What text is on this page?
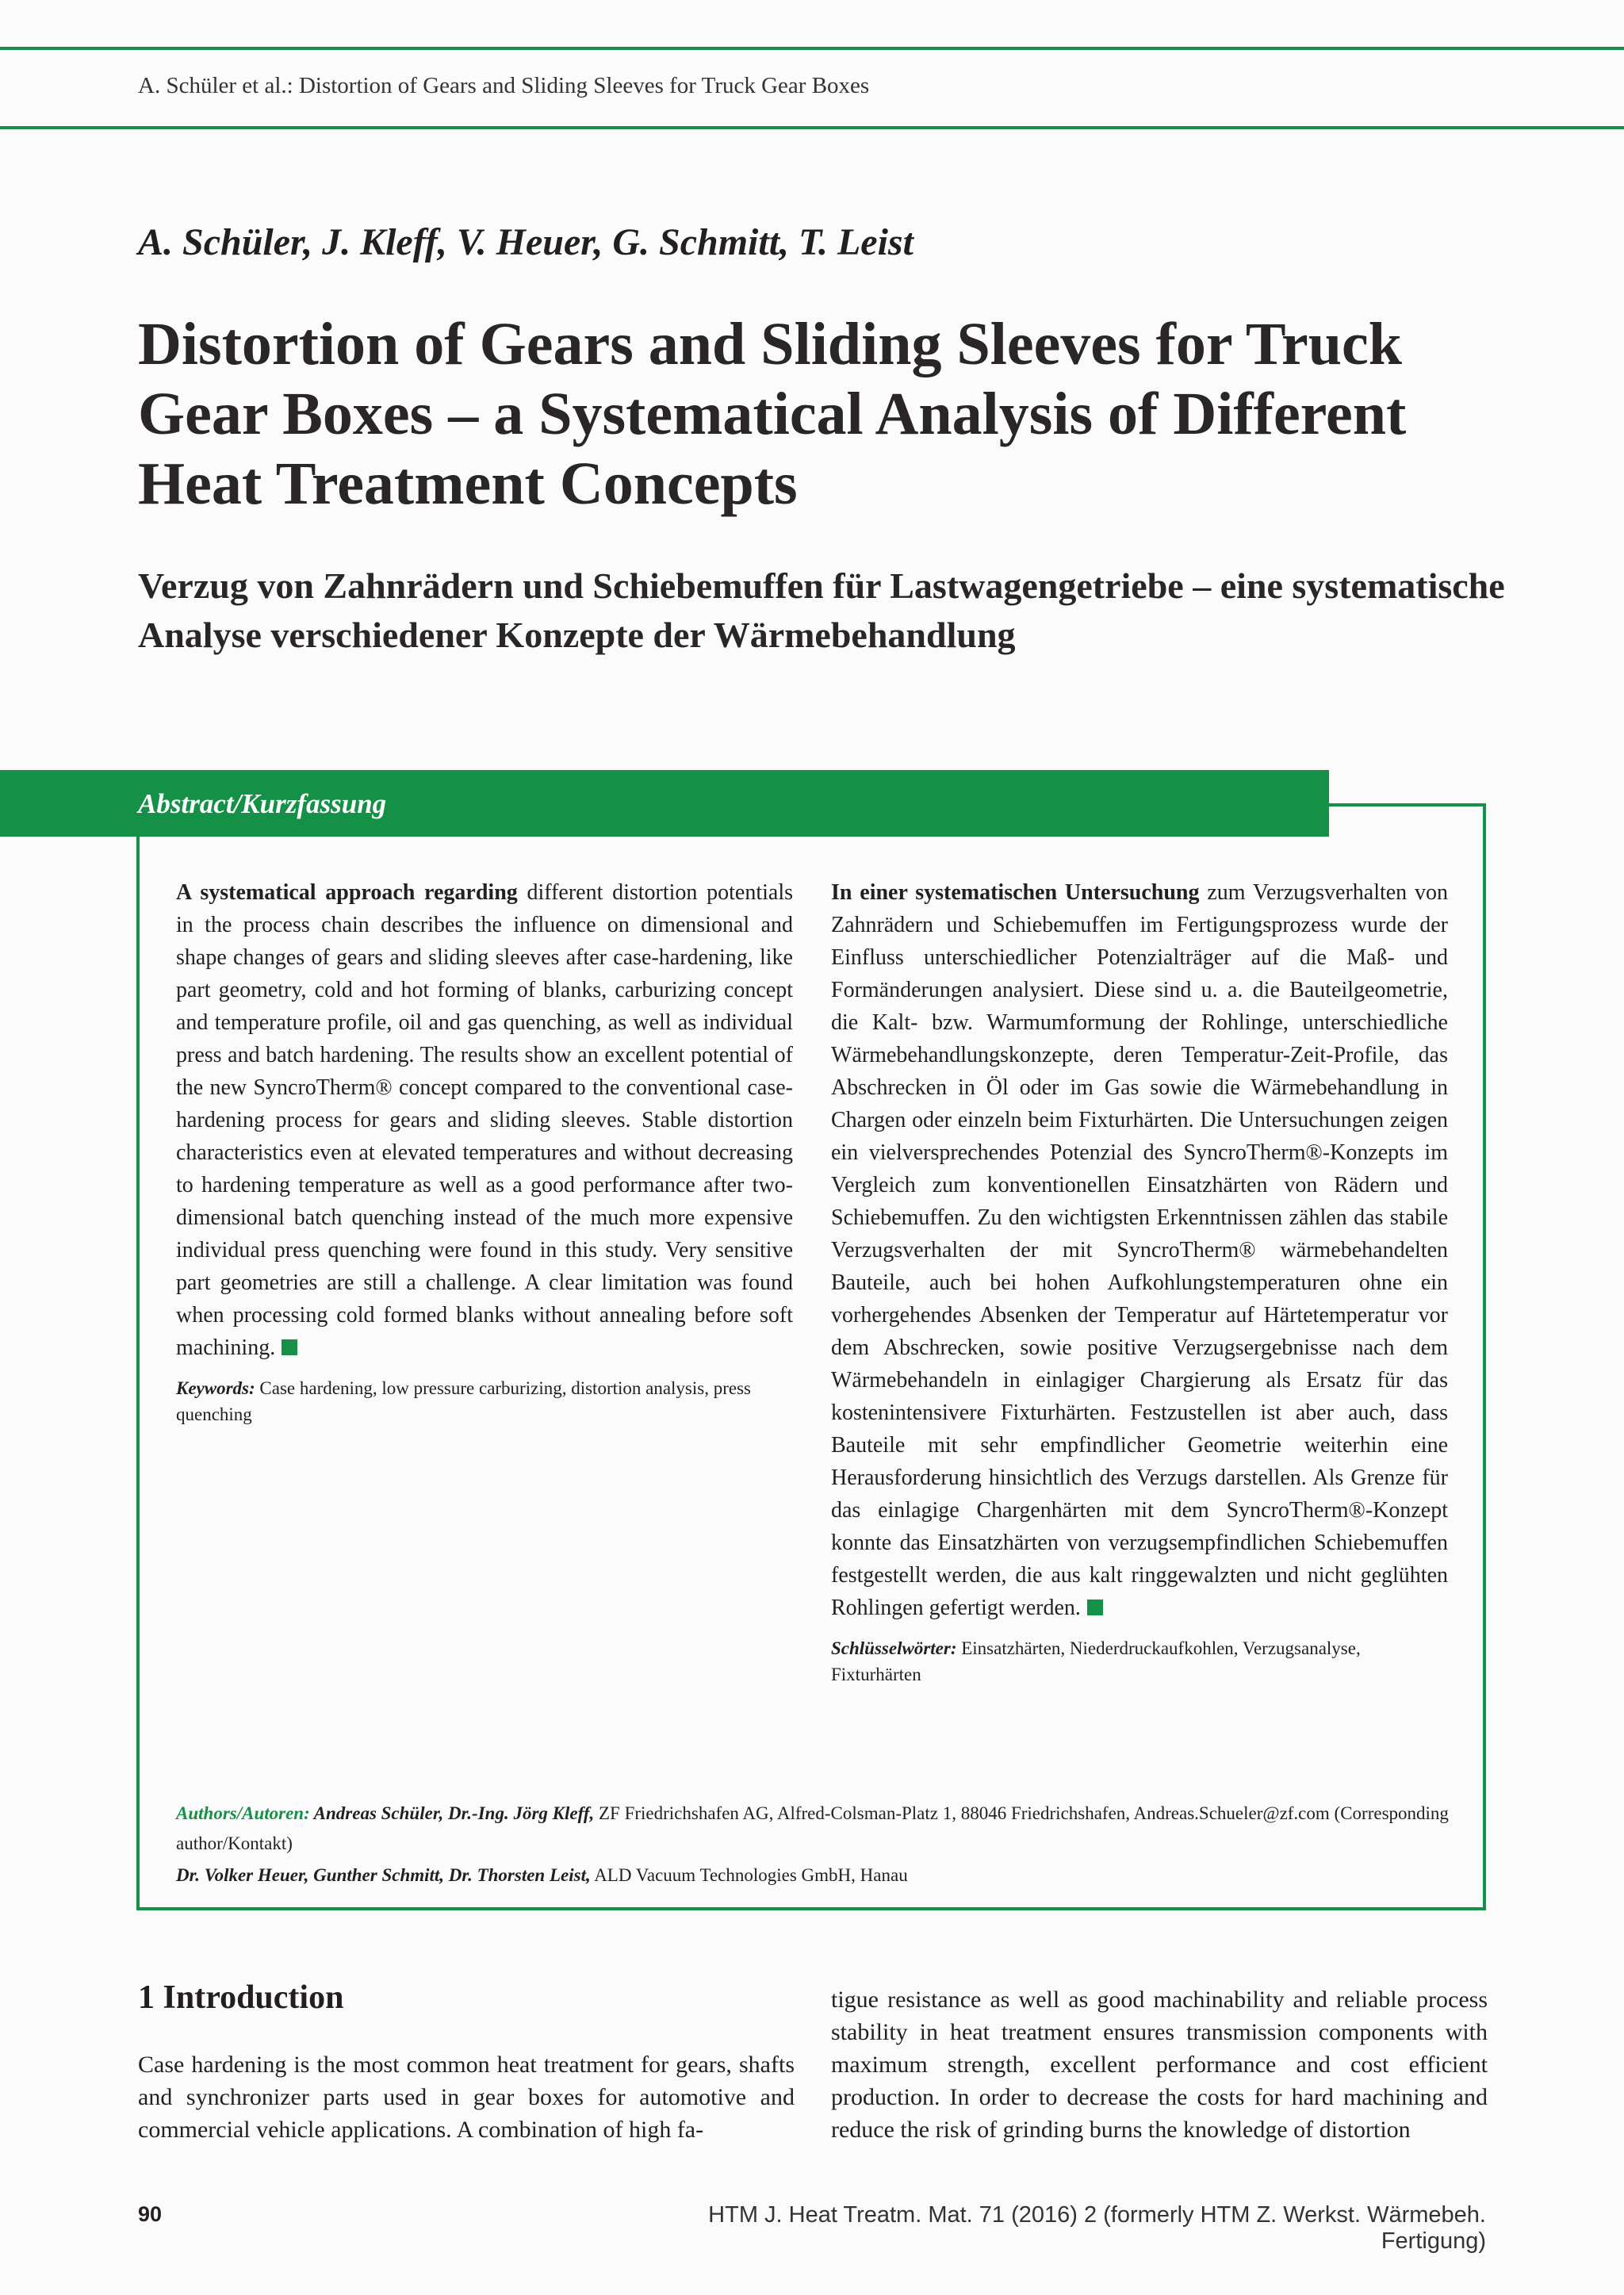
A. Schüler et al.: Distortion of Gears and Sliding Sleeves for Truck Gear Boxes
A. Schüler, J. Kleff, V. Heuer, G. Schmitt, T. Leist
Distortion of Gears and Sliding Sleeves for Truck Gear Boxes – a Systematical Analysis of Different Heat Treatment Concepts
Verzug von Zahnrädern und Schiebemuffen für Lastwagengetriebe – eine systematische Analyse verschiedener Konzepte der Wärmebehandlung
Abstract/Kurzfassung

A systematical approach regarding different distortion potentials in the process chain describes the influence on dimensional and shape changes of gears and sliding sleeves after case-hardening, like part geometry, cold and hot forming of blanks, carburizing concept and temperature profile, oil and gas quenching, as well as individual press and batch hardening. The results show an excellent potential of the new SyncroTherm® concept compared to the conventional case-hardening process for gears and sliding sleeves. Stable distortion characteristics even at elevated temperatures and without decreasing to hardening temperature as well as a good performance after two-dimensional batch quenching instead of the much more expensive individual press quenching were found in this study. Very sensitive part geometries are still a challenge. A clear limitation was found when processing cold formed blanks without annealing before soft machining.

Keywords: Case hardening, low pressure carburizing, distortion analysis, press quenching

In einer systematischen Untersuchung zum Verzugsverhalten von Zahnrädern und Schiebemuffen im Fertigungsprozess wurde der Einfluss unterschiedlicher Potenzialträger auf die Maß- und Formänderungen analysiert. Diese sind u. a. die Bauteilgeometrie, die Kalt- bzw. Warmumformung der Rohlinge, unterschiedliche Wärmebehandlungskonzepte, deren Temperatur-Zeit-Profile, das Abschrecken in Öl oder im Gas sowie die Wärmebehandlung in Chargen oder einzeln beim Fixturhärten. Die Untersuchungen zeigen ein vielversprechendes Potenzial des SyncroTherm®-Konzepts im Vergleich zum konventionellen Einsatzhärten von Rädern und Schiebemuffen. Zu den wichtigsten Erkenntnissen zählen das stabile Verzugsverhalten der mit SyncroTherm® wärmebehandelten Bauteile, auch bei hohen Aufkohlungstemperaturen ohne ein vorhergehendes Absenken der Temperatur auf Härtetemperatur vor dem Abschrecken, sowie positive Verzugsergebnisse nach dem Wärmebehandeln in einlagiger Chargierung als Ersatz für das kostenintensivere Fixturhärten. Festzustellen ist aber auch, dass Bauteile mit sehr empfindlicher Geometrie weiterhin eine Herausforderung hinsichtlich des Verzugs darstellen. Als Grenze für das einlagige Chargenhärten mit dem SyncroTherm®-Konzept konnte das Einsatzhärten von verzugsempfindlichen Schiebemuffen festgestellt werden, die aus kalt ringgewalzten und nicht geglühten Rohlingen gefertigt werden.

Schlüsselwörter: Einsatzhärten, Niederdruckaufkohlen, Verzugsanalyse, Fixturhärten

Authors/Autoren: Andreas Schüler, Dr.-Ing. Jörg Kleff, ZF Friedrichshafen AG, Alfred-Colsman-Platz 1, 88046 Friedrichshafen, Andreas.Schueler@zf.com (Corresponding author/Kontakt)

Dr. Volker Heuer, Gunther Schmitt, Dr. Thorsten Leist, ALD Vacuum Technologies GmbH, Hanau

1 Introduction
Case hardening is the most common heat treatment for gears, shafts and synchronizer parts used in gear boxes for automotive and commercial vehicle applications. A combination of high fa-
tigue resistance as well as good machinability and reliable process stability in heat treatment ensures transmission components with maximum strength, excellent performance and cost efficient production. In order to decrease the costs for hard machining and reduce the risk of grinding burns the knowledge of distortion
90	HTM J. Heat Treatm. Mat. 71 (2016) 2 (formerly HTM Z. Werkst. Wärmebeh. Fertigung)
